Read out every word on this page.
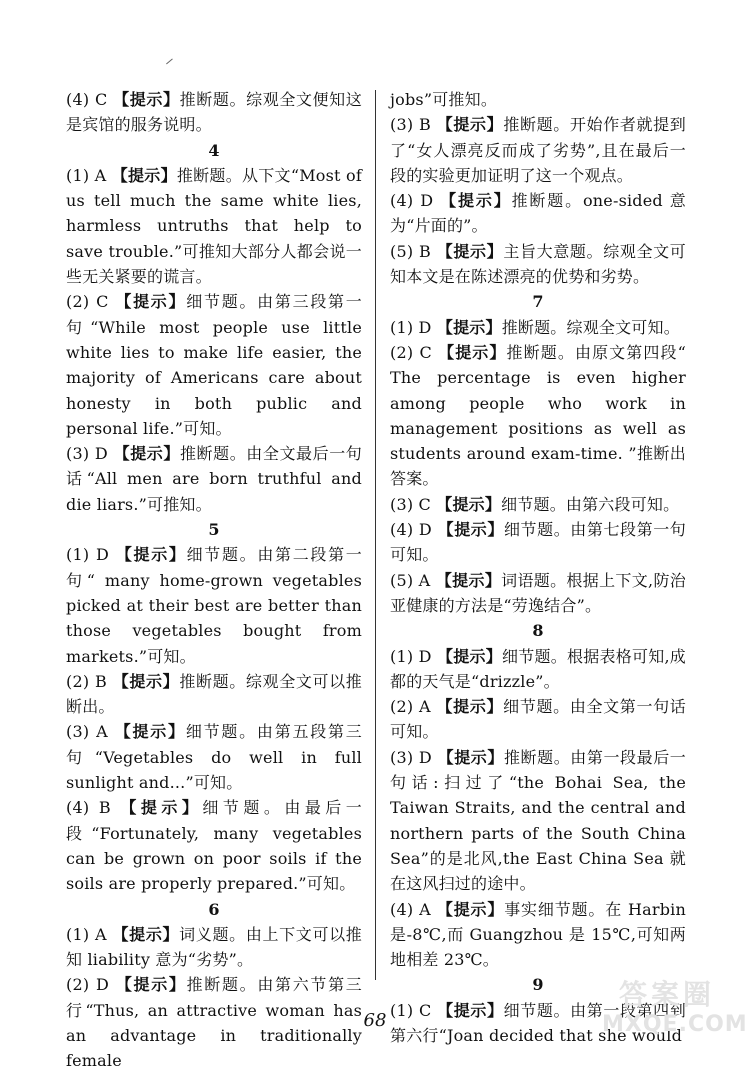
(4) C 【提示】推断题。综观全文便知这是宾馆的服务说明。

4

(1) A 【提示】推断题。从下文“Most of us tell much the same white lies, harmless untruths that help to save trouble.”可推知大部分人都会说一些无关紧要的谎言。

(2) C 【提示】细节题。由第三段第一句“While most people use little white lies to make life easier, the majority of Americans care about honesty in both public and personal life.”可知。

(3) D 【提示】推断题。由全文最后一句话“All men are born truthful and die liars.”可推知。

5

(1) D 【提示】细节题。由第二段第一句“ many home-grown vegetables picked at their best are better than those vegetables bought from markets.”可知。

(2) B 【提示】推断题。综观全文可以推断出。

(3) A 【提示】细节题。由第五段第三句“Vegetables do well in full sunlight and...”可知。

(4) B 【提示】细节题。由最后一段“Fortunately, many vegetables can be grown on poor soils if the soils are properly prepared.”可知。

6

(1) A 【提示】词义题。由上下文可以推知 liability 意为“劣势”。

(2) D 【提示】推断题。由第六节第三行“Thus, an attractive woman has an advantage in traditionally female

jobs”可推知。

(3) B 【提示】推断题。开始作者就提到了“女人漂亮反而成了劣势”,且在最后一段的实验更加证明了这一个观点。

(4) D 【提示】推断题。one-sided 意为“片面的”。

(5) B 【提示】主旨大意题。综观全文可知本文是在陈述漂亮的优势和劣势。

7

(1) D 【提示】推断题。综观全文可知。

(2) C 【提示】推断题。由原文第四段“ The percentage is even higher among people who work in management positions as well as students around exam-time. ”推断出答案。

(3) C 【提示】细节题。由第六段可知。

(4) D 【提示】细节题。由第七段第一句可知。

(5) A 【提示】词语题。根据上下文,防治亚健康的方法是“劳逸结合”。

8

(1) D 【提示】细节题。根据表格可知,成都的天气是“drizzle”。

(2) A 【提示】细节题。由全文第一句话可知。

(3) D 【提示】推断题。由第一段最后一句话:扫过了“the Bohai Sea, the Taiwan Straits, and the central and northern parts of the South China Sea”的是北风,the East China Sea 就在这风扫过的途中。

(4) A 【提示】事实细节题。在 Harbin 是-8℃,而 Guangzhou 是 15℃,可知两地相差 23℃。

9

(1) C 【提示】细节题。由第一段第四到第六行“Joan decided that she would

68
答案圈
MXQE.COM
